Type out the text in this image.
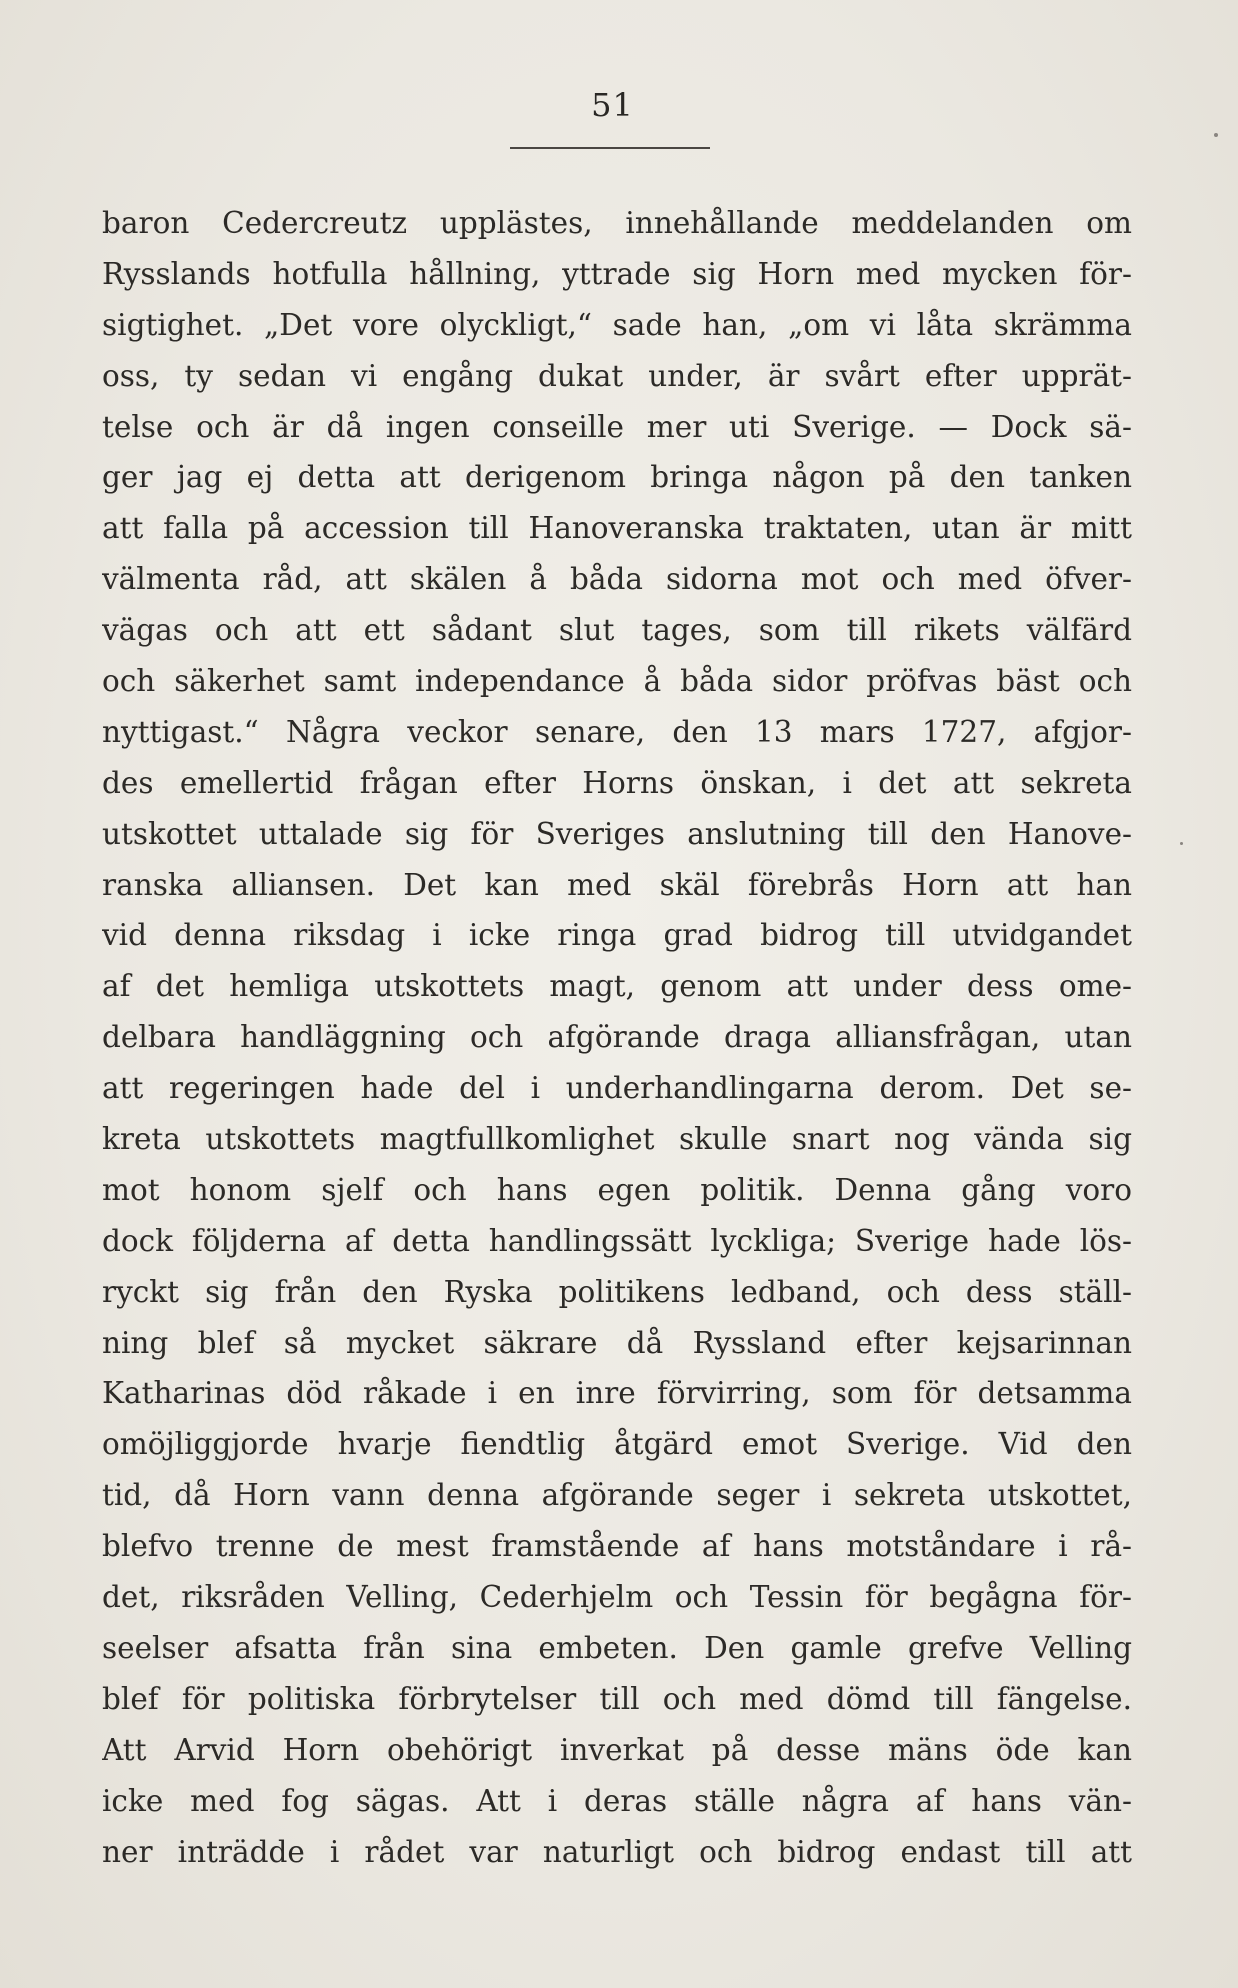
51
baron Cedercreutz upplästes, innehållande meddelanden om
Rysslands hotfulla hållning, yttrade sig Horn med mycken för-
sigtighet. „Det vore olyckligt,“ sade han, „om vi låta skrämma
oss, ty sedan vi engång dukat under, är svårt efter upprät-
telse och är då ingen conseille mer uti Sverige. — Dock sä-
ger jag ej detta att derigenom bringa någon på den tanken
att falla på accession till Hanoveranska traktaten, utan är mitt
välmenta råd, att skälen å båda sidorna mot och med öfver-
vägas och att ett sådant slut tages, som till rikets välfärd
och säkerhet samt independance å båda sidor pröfvas bäst och
nyttigast.“ Några veckor senare, den 13 mars 1727, afgjor-
des emellertid frågan efter Horns önskan, i det att sekreta
utskottet uttalade sig för Sveriges anslutning till den Hanove-
ranska alliansen. Det kan med skäl förebrås Horn att han
vid denna riksdag i icke ringa grad bidrog till utvidgandet
af det hemliga utskottets magt, genom att under dess ome-
delbara handläggning och afgörande draga alliansfrågan, utan
att regeringen hade del i underhandlingarna derom. Det se-
kreta utskottets magtfullkomlighet skulle snart nog vända sig
mot honom sjelf och hans egen politik. Denna gång voro
dock följderna af detta handlingssätt lyckliga; Sverige hade lös-
ryckt sig från den Ryska politikens ledband, och dess ställ-
ning blef så mycket säkrare då Ryssland efter kejsarinnan
Katharinas död råkade i en inre förvirring, som för detsamma
omöjliggjorde hvarje fiendtlig åtgärd emot Sverige. Vid den
tid, då Horn vann denna afgörande seger i sekreta utskottet,
blefvo trenne de mest framstående af hans motståndare i rå-
det, riksråden Velling, Cederhjelm och Tessin för begågna för-
seelser afsatta från sina embeten. Den gamle grefve Velling
blef för politiska förbrytelser till och med dömd till fängelse.
Att Arvid Horn obehörigt inverkat på desse mäns öde kan
icke med fog sägas. Att i deras ställe några af hans vän-
ner inträdde i rådet var naturligt och bidrog endast till att
